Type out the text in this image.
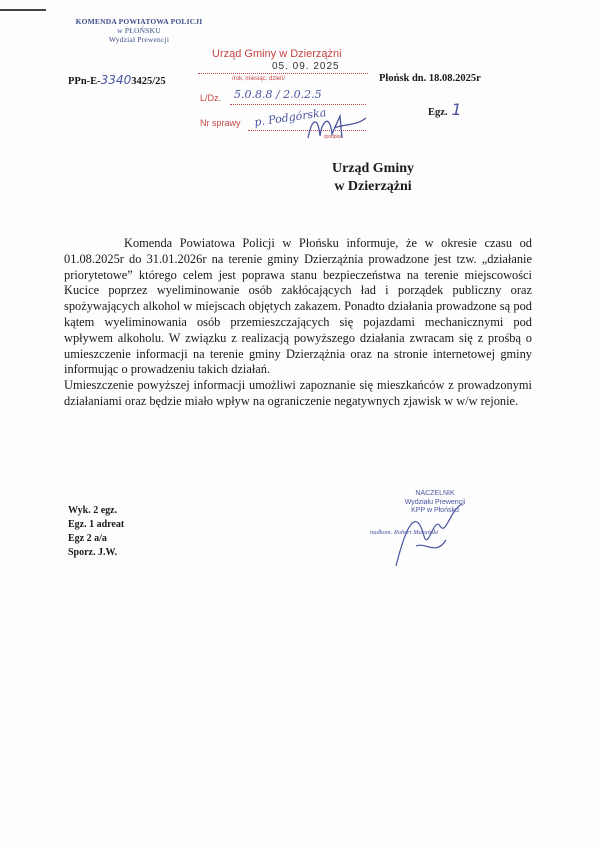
KOMENDA POWIATOWA POLICJI
w PŁOŃSKU
Wydział Prewencji
PPn-E-33403425/25
Urząd Gminy w Dzierzążni
05. 09. 2025
/rok, miesiąc, dzień/
L/Dz. 5.0.8.8 / 2.0.2.5
Nr sprawy p. Podgórska
/podpis/
Płońsk dn. 18.08.2025r
Egz. 1
Urząd Gminy
w Dzierzążni

Komenda Powiatowa Policji w Płońsku informuje, że w okresie czasu od 01.08.2025r do 31.01.2026r na terenie gminy Dzierzążnia prowadzone jest tzw. „działanie priorytetowe” którego celem jest poprawa stanu bezpieczeństwa na terenie miejscowości Kucice poprzez wyeliminowanie osób zakłócających ład i porządek publiczny oraz spożywających alkohol w miejscach objętych zakazem. Ponadto działania prowadzone są pod kątem wyeliminowania osób przemieszczających się pojazdami mechanicznymi pod wpływem alkoholu. W związku z realizacją powyższego działania zwracam się z prośbą o umieszczenie informacji na terenie gminy Dzierzążnia oraz na stronie internetowej gminy informując o prowadzeniu takich działań.

Umieszczenie powyższej informacji umożliwi zapoznanie się mieszkańców z prowadzonymi działaniami oraz będzie miało wpływ na ograniczenie negatywnych zjawisk w w/w rejonie.

NACZELNIK
Wydziału Prewencji
KPP w Płońsku
nadkom. Robert Murański
Wyk. 2 egz.
Egz. 1 adreat
Egz 2 a/a
Sporz. J.W.
